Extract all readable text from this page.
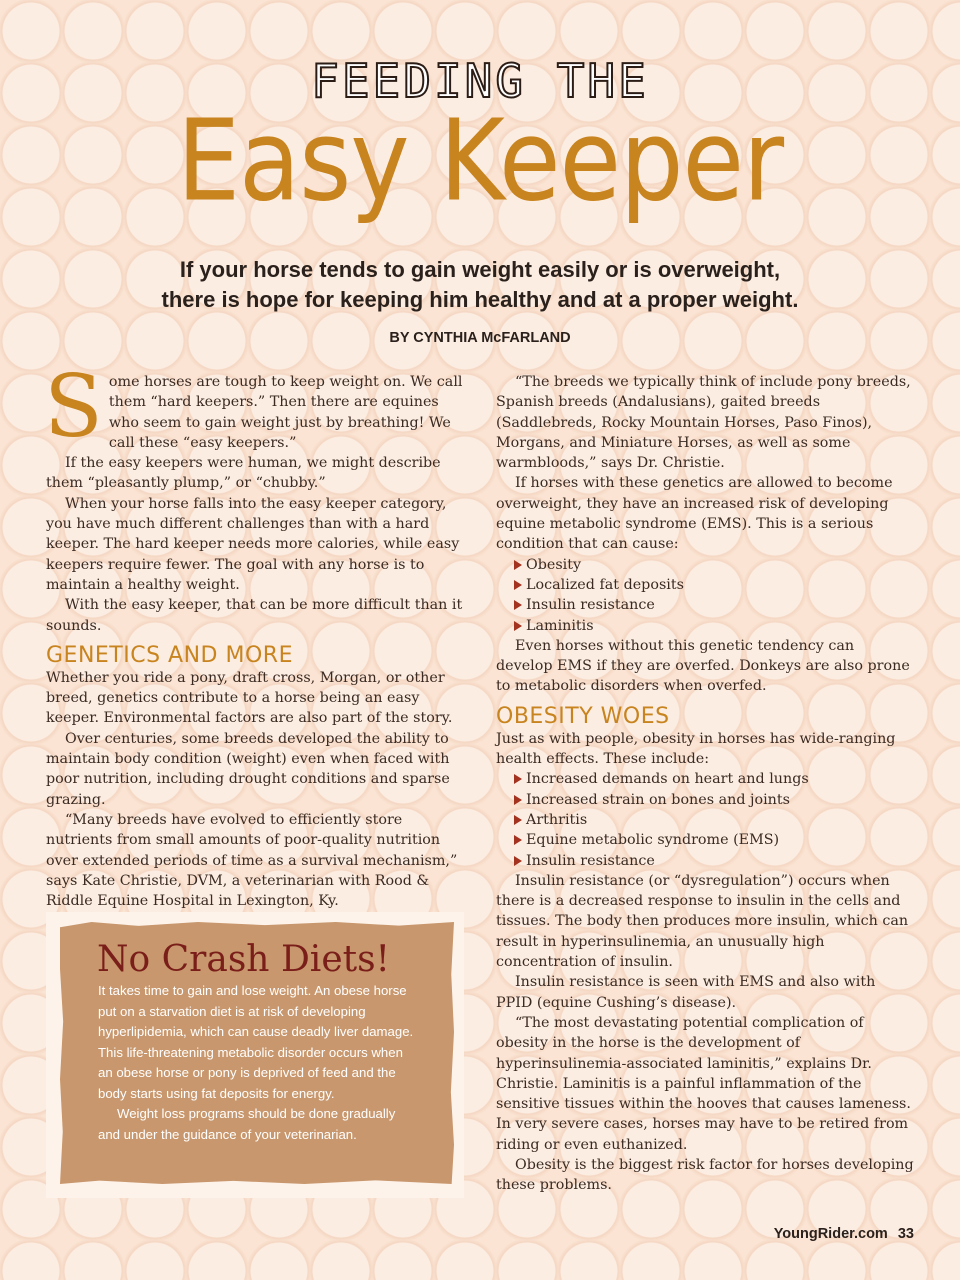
FEEDING THE
Easy Keeper
If your horse tends to gain weight easily or is overweight,
there is hope for keeping him healthy and at a proper weight.
BY CYNTHIA McFARLAND
S ome horses are tough to keep weight on. We call them “hard keepers.” Then there are equines who seem to gain weight just by breathing! We call these “easy keepers.”

If the easy keepers were human, we might describe them “pleasantly plump,” or “chubby.”

When your horse falls into the easy keeper category, you have much different challenges than with a hard keeper. The hard keeper needs more calories, while easy keepers require fewer. The goal with any horse is to maintain a healthy weight.

With the easy keeper, that can be more difficult than it sounds.

GENETICS AND MORE

Whether you ride a pony, draft cross, Morgan, or other breed, genetics contribute to a horse being an easy keeper. Environmental factors are also part of the story.

Over centuries, some breeds developed the ability to maintain body condition (weight) even when faced with poor nutrition, including drought conditions and sparse grazing.

“Many breeds have evolved to efficiently store nutrients from small amounts of poor-quality nutrition over extended periods of time as a survival mechanism,” says Kate Christie, DVM, a veterinarian with Rood & Riddle Equine Hospital in Lexington, Ky.

No Crash Diets!

It takes time to gain and lose weight. An obese horse put on a starvation diet is at risk of developing hyperlipidemia, which can cause deadly liver damage. This life-threatening metabolic disorder occurs when an obese horse or pony is deprived of feed and the body starts using fat deposits for energy.

Weight loss programs should be done gradually and under the guidance of your veterinarian.

“The breeds we typically think of include pony breeds, Spanish breeds (Andalusians), gaited breeds (Saddlebreds, Rocky Mountain Horses, Paso Finos), Morgans, and Miniature Horses, as well as some warmbloods,” says Dr. Christie.

If horses with these genetics are allowed to become overweight, they have an increased risk of developing equine metabolic syndrome (EMS). This is a serious condition that can cause:

Obesity
Localized fat deposits
Insulin resistance
Laminitis

Even horses without this genetic tendency can develop EMS if they are overfed. Donkeys are also prone to metabolic disorders when overfed.

OBESITY WOES

Just as with people, obesity in horses has wide-ranging health effects. These include:

Increased demands on heart and lungs
Increased strain on bones and joints
Arthritis
Equine metabolic syndrome (EMS)
Insulin resistance

Insulin resistance (or “dysregulation”) occurs when there is a decreased response to insulin in the cells and tissues. The body then produces more insulin, which can result in hyperinsulinemia, an unusually high concentration of insulin.

Insulin resistance is seen with EMS and also with PPID (equine Cushing’s disease).

“The most devastating potential complication of obesity in the horse is the development of hyperinsulinemia-associated laminitis,” explains Dr. Christie. Laminitis is a painful inflammation of the sensitive tissues within the hooves that causes lameness. In very severe cases, horses may have to be retired from riding or even euthanized.

Obesity is the biggest risk factor for horses developing these problems.

YoungRider.com 33
